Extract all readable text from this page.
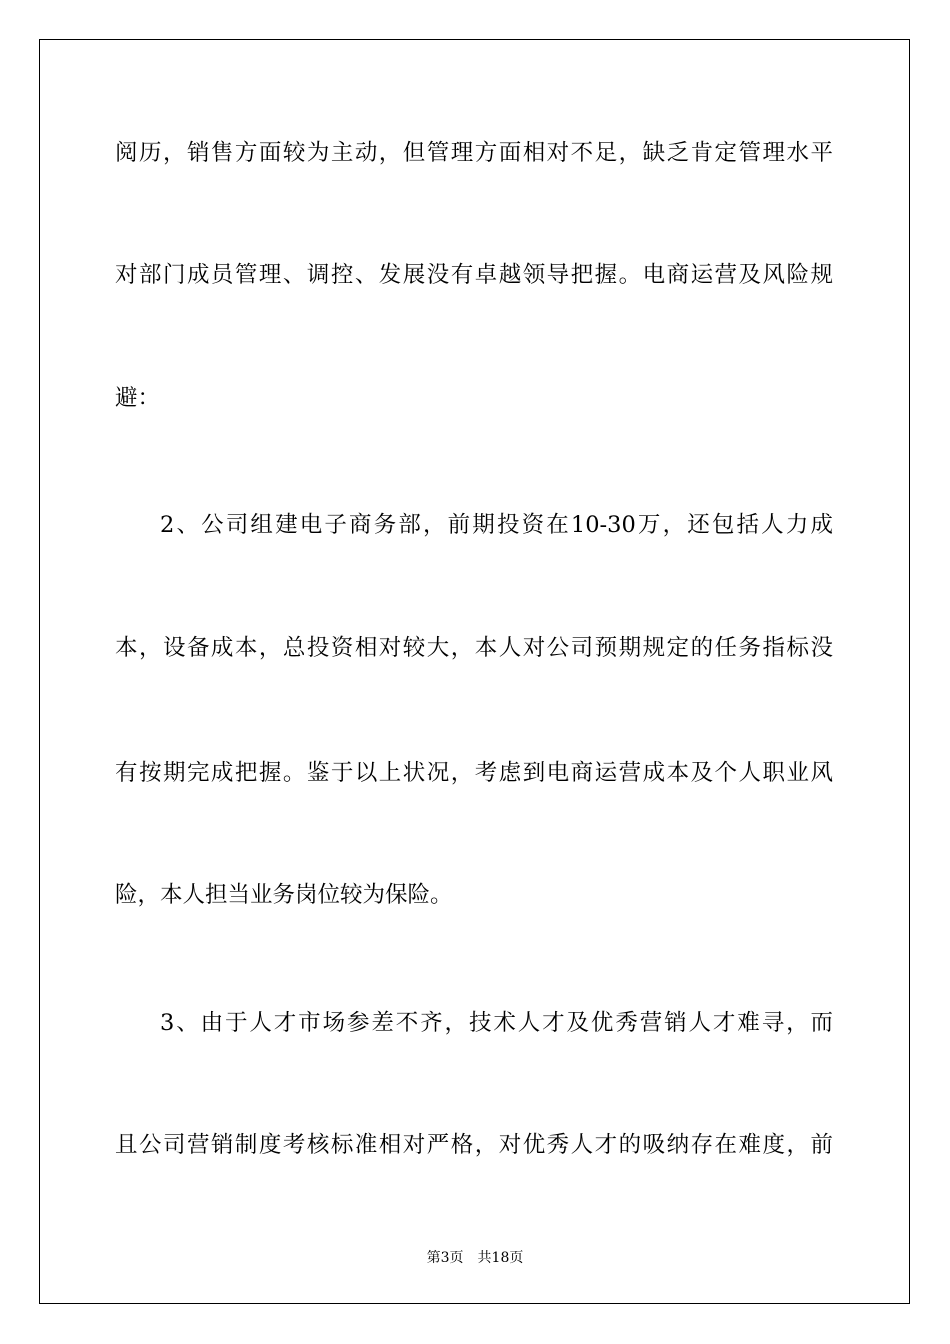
阅历，销售方面较为主动，但管理方面相对不足，缺乏肯定管理水平
对部门成员管理、调控、发展没有卓越领导把握。电商运营及风险规
避：
2、公司组建电子商务部，前期投资在10-30万，还包括人力成
本，设备成本，总投资相对较大，本人对公司预期规定的任务指标没
有按期完成把握。鉴于以上状况，考虑到电商运营成本及个人职业风
险，本人担当业务岗位较为保险。
3、由于人才市场参差不齐，技术人才及优秀营销人才难寻，而
且公司营销制度考核标准相对严格，对优秀人才的吸纳存在难度，前
第3页 共18页
